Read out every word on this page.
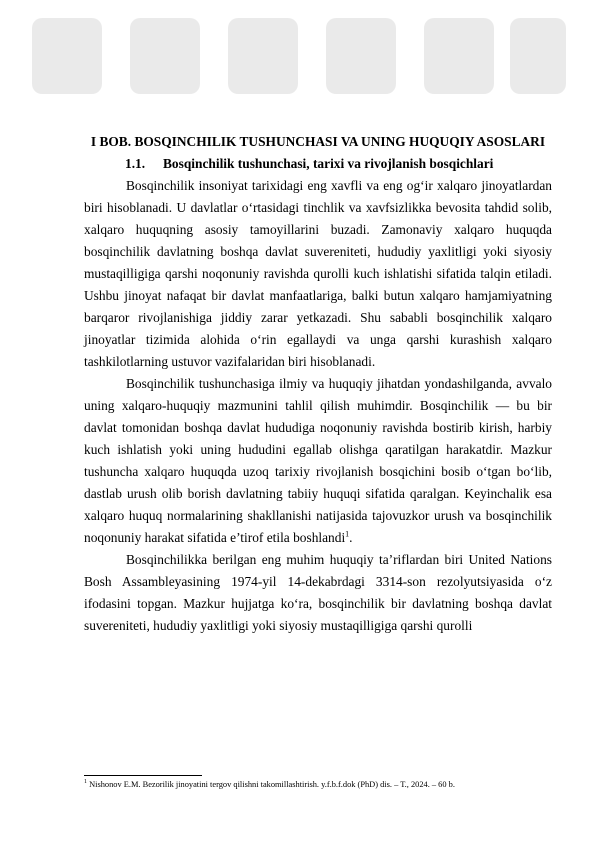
I BOB. BOSQINCHILIK TUSHUNCHASI VA UNING HUQUQIY ASOSLARI

1.1. Bosqinchilik tushunchasi, tarixi va rivojlanish bosqichlari

Bosqinchilik insoniyat tarixidagi eng xavfli va eng og‘ir xalqaro jinoyatlardan biri hisoblanadi. U davlatlar o‘rtasidagi tinchlik va xavfsizlikka bevosita tahdid solib, xalqaro huquqning asosiy tamoyillarini buzadi. Zamonaviy xalqaro huquqda bosqinchilik davlatning boshqa davlat suvereniteti, hududiy yaxlitligi yoki siyosiy mustaqilligiga qarshi noqonuniy ravishda qurolli kuch ishlatishi sifatida talqin etiladi. Ushbu jinoyat nafaqat bir davlat manfaatlariga, balki butun xalqaro hamjamiyatning barqaror rivojlanishiga jiddiy zarar yetkazadi. Shu sababli bosqinchilik xalqaro jinoyatlar tizimida alohida o‘rin egallaydi va unga qarshi kurashish xalqaro tashkilotlarning ustuvor vazifalaridan biri hisoblanadi.

Bosqinchilik tushunchasiga ilmiy va huquqiy jihatdan yondashilganda, avvalo uning xalqaro-huquqiy mazmunini tahlil qilish muhimdir. Bosqinchilik — bu bir davlat tomonidan boshqa davlat hududiga noqonuniy ravishda bostirib kirish, harbiy kuch ishlatish yoki uning hududini egallab olishga qaratilgan harakatdir. Mazkur tushuncha xalqaro huquqda uzoq tarixiy rivojlanish bosqichini bosib o‘tgan bo‘lib, dastlab urush olib borish davlatning tabiiy huquqi sifatida qaralgan. Keyinchalik esa xalqaro huquq normalarining shakllanishi natijasida tajovuzkor urush va bosqinchilik noqonuniy harakat sifatida e’tirof etila boshlandi$^1$.

Bosqinchilikka berilgan eng muhim huquqiy ta’riflardan biri United Nations Bosh Assambleyasining 1974-yil 14-dekabrdagi 3314-son rezolyutsiyasida o‘z ifodasini topgan. Mazkur hujjatga ko‘ra, bosqinchilik bir davlatning boshqa davlat suvereniteti, hududiy yaxlitligi yoki siyosiy mustaqilligiga qarshi qurolli

$^1$ Nishonov E.M. Bezorilik jinoyatini tergov qilishni takomillashtirish. y.f.b.f.dok (PhD) dis. – T., 2024. – 60 b.
